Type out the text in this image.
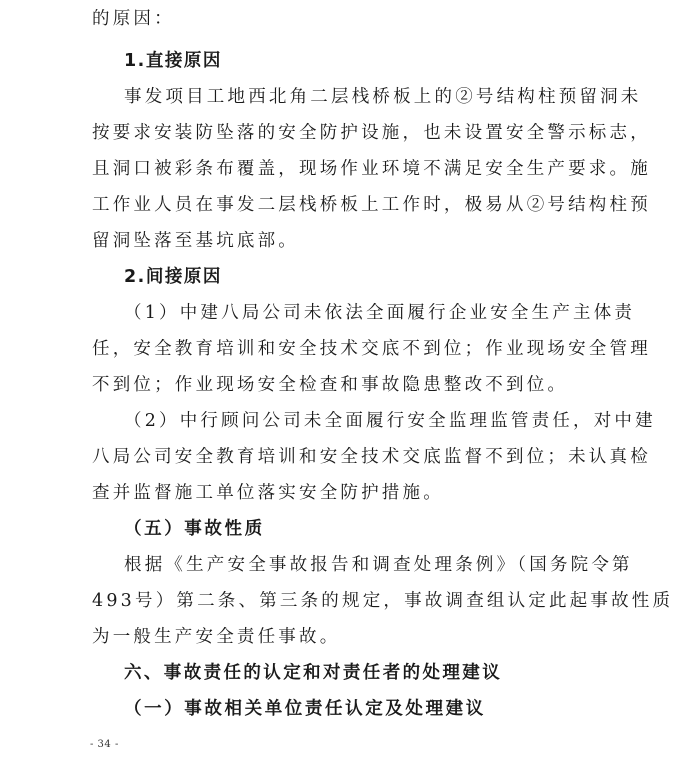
的原因：
1.直接原因
事发项目工地西北角二层栈桥板上的②号结构柱预留洞未
按要求安装防坠落的安全防护设施，也未设置安全警示标志，
且洞口被彩条布覆盖，现场作业环境不满足安全生产要求。施
工作业人员在事发二层栈桥板上工作时，极易从②号结构柱预
留洞坠落至基坑底部。
2.间接原因
（1）中建八局公司未依法全面履行企业安全生产主体责
任，安全教育培训和安全技术交底不到位；作业现场安全管理
不到位；作业现场安全检查和事故隐患整改不到位。
（2）中行顾问公司未全面履行安全监理监管责任，对中建
八局公司安全教育培训和安全技术交底监督不到位；未认真检
查并监督施工单位落实安全防护措施。
（五）事故性质
根据《生产安全事故报告和调查处理条例》（国务院令第
493号）第二条、第三条的规定，事故调查组认定此起事故性质
为一般生产安全责任事故。
六、事故责任的认定和对责任者的处理建议
（一）事故相关单位责任认定及处理建议
- 34 -
